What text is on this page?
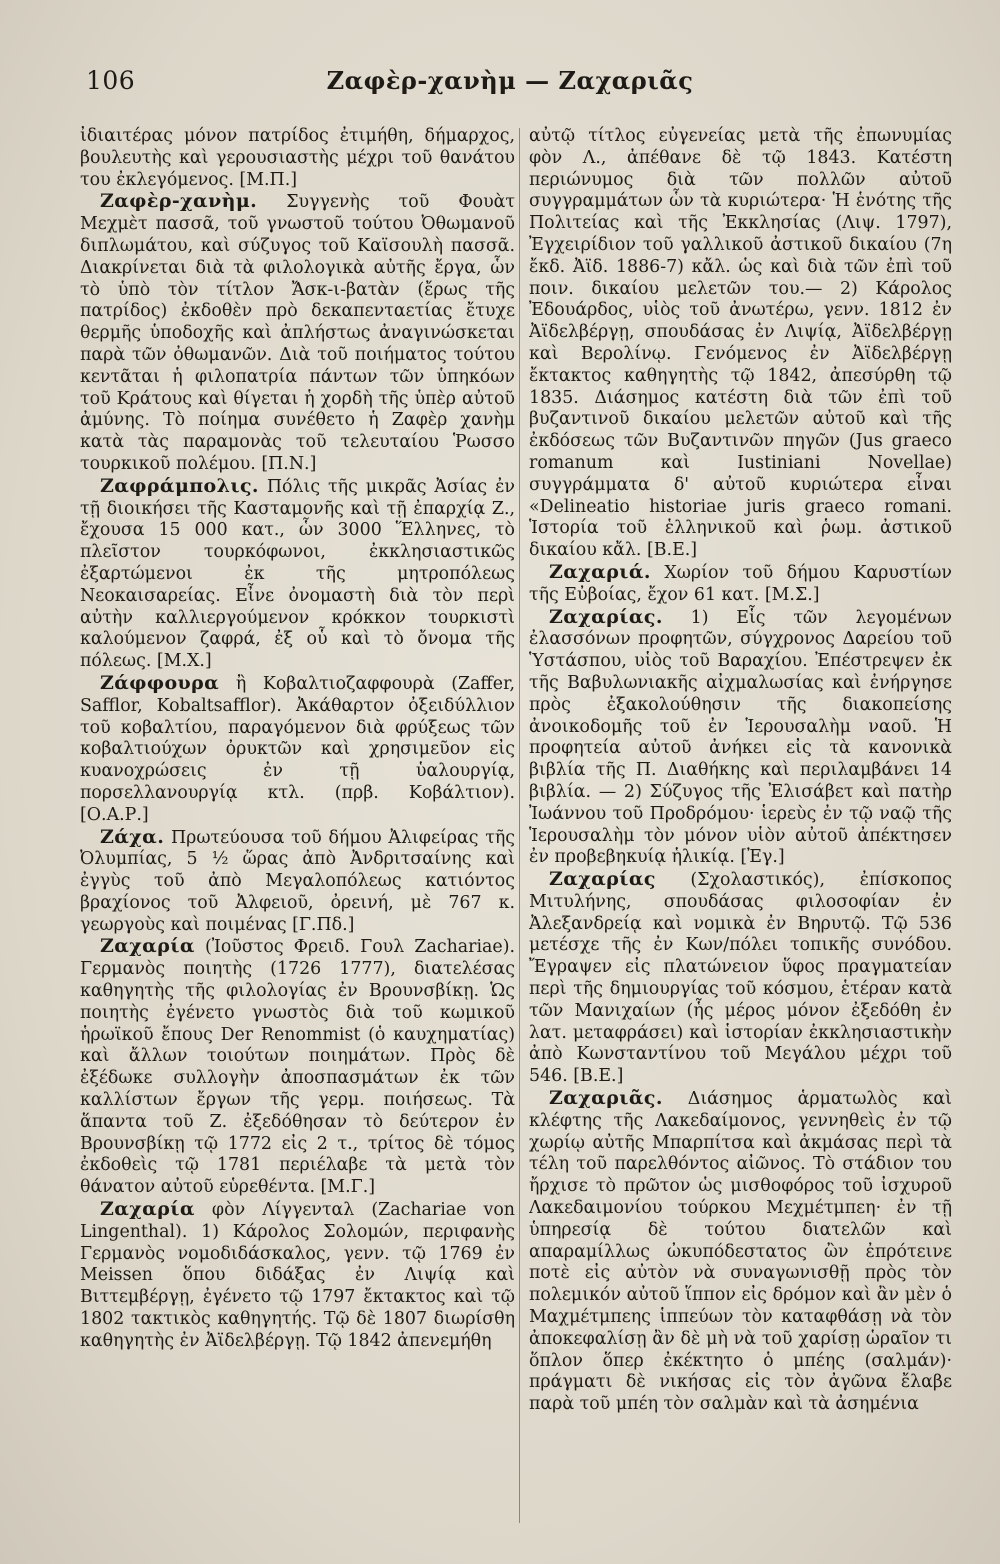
106	Ζαφὲρ-χανὴμ — Ζαχαριᾶς

ἰδιαιτέρας μόνον πατρίδος ἐτιμήθη, δήμαρχος, βουλευτὴς καὶ γερουσιαστὴς μέχρι τοῦ θανάτου του ἐκλεγόμενος. [Μ.Π.]

Ζαφὲρ-χανὴμ. Συγγενὴς τοῦ Φουὰτ Μεχμὲτ πασσᾶ, τοῦ γνωστοῦ τούτου Ὀθωμανοῦ διπλωμάτου, καὶ σύζυγος τοῦ Καϊσουλὴ πασσᾶ. Διακρίνεται διὰ τὰ φιλολογικὰ αὐτῆς ἔργα, ὧν τὸ ὑπὸ τὸν τίτλον Ἄσκ-ι-βατὰν (ἔρως τῆς πατρίδος) ἐκδοθὲν πρὸ δεκαπενταετίας ἔτυχε θερμῆς ὑποδοχῆς καὶ ἀπλήστως ἀναγινώσκεται παρὰ τῶν ὀθωμανῶν. Διὰ τοῦ ποιήματος τούτου κεντᾶται ἡ φιλοπατρία πάντων τῶν ὑπηκόων τοῦ Κράτους καὶ θίγεται ἡ χορδὴ τῆς ὑπὲρ αὐτοῦ ἀμύνης. Τὸ ποίημα συνέθετο ἡ Ζαφὲρ χανὴμ κατὰ τὰς παραμονὰς τοῦ τελευταίου Ῥωσσο τουρκικοῦ πολέμου. [Π.Ν.]

Ζαφράμπολις. Πόλις τῆς μικρᾶς Ἀσίας ἐν τῇ διοικήσει τῆς Κασταμονῆς καὶ τῇ ἐπαρχίᾳ Ζ., ἔχουσα 15 000 κατ., ὧν 3000 Ἕλληνες, τὸ πλεῖστον τουρκόφωνοι, ἐκκλησιαστικῶς ἐξαρτώμενοι ἐκ τῆς μητροπόλεως Νεοκαισαρείας. Εἶνε ὀνομαστὴ διὰ τὸν περὶ αὐτὴν καλλιεργούμενον κρόκκον τουρκιστὶ καλούμενον ζαφρά, ἐξ οὗ καὶ τὸ ὄνομα τῆς πόλεως. [Μ.Χ.]

Ζάφφουρα ἢ Κοβαλτιοζαφφουρὰ (Zaffer, Safflor, Kobaltsafflor). Ἀκάθαρτον ὀξειδύλλιον τοῦ κοβαλτίου, παραγόμενον διὰ φρύξεως τῶν κοβαλτιούχων ὀρυκτῶν καὶ χρησιμεῦον εἰς κυανοχρώσεις ἐν τῇ ὑαλουργίᾳ, πορσελλανουργίᾳ κτλ. (πρβ. Κοβάλτιον). [Ο.Α.Ρ.]

Ζάχα. Πρωτεύουσα τοῦ δήμου Ἀλιφείρας τῆς Ὀλυμπίας, 5 ½ ὥρας ἀπὸ Ἀνδριτσαίνης καὶ ἐγγὺς τοῦ ἀπὸ Μεγαλοπόλεως κατιόντος βραχίονος τοῦ Ἀλφειοῦ, ὀρεινή, μὲ 767 κ. γεωργοὺς καὶ ποιμένας [Γ.Πδ.]

Ζαχαρία (Ἰοῦστος Φρειδ. Γουλ Zachariae). Γερμανὸς ποιητὴς (1726 1777), διατελέσας καθηγητὴς τῆς φιλολογίας ἐν Βρουνσβίκῃ. Ὡς ποιητὴς ἐγένετο γνωστὸς διὰ τοῦ κωμικοῦ ἡρωϊκοῦ ἔπους Der Renommist (ὁ καυχηματίας) καὶ ἄλλων τοιούτων ποιημάτων. Πρὸς δὲ ἐξέδωκε συλλογὴν ἀποσπασμάτων ἐκ τῶν καλλίστων ἔργων τῆς γερμ. ποιήσεως. Τὰ ἅπαντα τοῦ Ζ. ἐξεδόθησαν τὸ δεύτερον ἐν Βρουνσβίκῃ τῷ 1772 εἰς 2 τ., τρίτος δὲ τόμος ἐκδοθεὶς τῷ 1781 περιέλαβε τὰ μετὰ τὸν θάνατον αὐτοῦ εὑρεθέντα. [Μ.Γ.]

Ζαχαρία φὸν Λίγγενταλ (Zachariae von Lingenthal). 1) Κάρολος Σολομών, περιφανὴς Γερμανὸς νομοδιδάσκαλος, γενν. τῷ 1769 ἐν Meissen ὅπου διδάξας ἐν Λιψίᾳ καὶ Βιττεμβέργῃ, ἐγένετο τῷ 1797 ἔκτακτος καὶ τῷ 1802 τακτικὸς καθηγητής. Τῷ δὲ 1807 διωρίσθη καθηγητὴς ἐν Ἀϊδελβέργῃ. Τῷ 1842 ἀπενεμήθη

αὐτῷ τίτλος εὐγενείας μετὰ τῆς ἐπωνυμίας φὸν Λ., ἀπέθανε δὲ τῷ 1843. Κατέστη περιώνυμος διὰ τῶν πολλῶν αὐτοῦ συγγραμμάτων ὧν τὰ κυριώτερα· Ἡ ἑνότης τῆς Πολιτείας καὶ τῆς Ἐκκλησίας (Λιψ. 1797), Ἐγχειρίδιον τοῦ γαλλικοῦ ἀστικοῦ δικαίου (7η ἔκδ. Ἀϊδ. 1886-7) κἄλ. ὡς καὶ διὰ τῶν ἐπὶ τοῦ ποιν. δικαίου μελετῶν του.— 2) Κάρολος Ἐδουάρδος, υἱὸς τοῦ ἀνωτέρω, γενν. 1812 ἐν Ἀϊδελβέργῃ, σπουδάσας ἐν Λιψίᾳ, Ἀϊδελβέργῃ καὶ Βερολίνῳ. Γενόμενος ἐν Ἀϊδελβέργῃ ἔκτακτος καθηγητὴς τῷ 1842, ἀπεσύρθη τῷ 1835. Διάσημος κατέστη διὰ τῶν ἐπὶ τοῦ βυζαντινοῦ δικαίου μελετῶν αὐτοῦ καὶ τῆς ἐκδόσεως τῶν Βυζαντινῶν πηγῶν (Jus graeco romanum καὶ Iustiniani Novellae) συγγράμματα δ' αὐτοῦ κυριώτερα εἶναι «Delineatio historiae juris graeco romani. Ἱστορία τοῦ ἑλληνικοῦ καὶ ῥωμ. ἀστικοῦ δικαίου κἄλ. [Β.Ε.]

Ζαχαριά. Χωρίον τοῦ δήμου Καρυστίων τῆς Εὐβοίας, ἔχον 61 κατ. [Μ.Σ.]

Ζαχαρίας. 1) Εἷς τῶν λεγομένων ἐλασσόνων προφητῶν, σύγχρονος Δαρείου τοῦ Ὑστάσπου, υἱὸς τοῦ Βαραχίου. Ἐπέστρεψεν ἐκ τῆς Βαβυλωνιακῆς αἰχμαλωσίας καὶ ἐνήργησε πρὸς ἐξακολούθησιν τῆς διακοπείσης ἀνοικοδομῆς τοῦ ἐν Ἱερουσαλὴμ ναοῦ. Ἡ προφητεία αὐτοῦ ἀνήκει εἰς τὰ κανονικὰ βιβλία τῆς Π. Διαθήκης καὶ περιλαμβάνει 14 βιβλία. — 2) Σύζυγος τῆς Ἐλισάβετ καὶ πατὴρ Ἰωάννου τοῦ Προδρόμου· ἱερεὺς ἐν τῷ ναῷ τῆς Ἱερουσαλὴμ τὸν μόνον υἱὸν αὐτοῦ ἀπέκτησεν ἐν προβεβηκυίᾳ ἡλικίᾳ. [Ἐγ.]

Ζαχαρίας (Σχολαστικός), ἐπίσκοπος Μιτυλήνης, σπουδάσας φιλοσοφίαν ἐν Ἀλεξανδρείᾳ καὶ νομικὰ ἐν Βηρυτῷ. Τῷ 536 μετέσχε τῆς ἐν Κων/πόλει τοπικῆς συνόδου. Ἔγραψεν εἰς πλατώνειον ὕφος πραγματείαν περὶ τῆς δημιουργίας τοῦ κόσμου, ἑτέραν κατὰ τῶν Μανιχαίων (ἧς μέρος μόνον ἐξεδόθη ἐν λατ. μεταφράσει) καὶ ἱστορίαν ἐκκλησιαστικὴν ἀπὸ Κωνσταντίνου τοῦ Μεγάλου μέχρι τοῦ 546. [Β.Ε.]

Ζαχαριᾶς. Διάσημος ἁρματωλὸς καὶ κλέφτης τῆς Λακεδαίμονος, γεννηθεὶς ἐν τῷ χωρίῳ αὐτῆς Μπαρπίτσα καὶ ἀκμάσας περὶ τὰ τέλη τοῦ παρελθόντος αἰῶνος. Τὸ στάδιον του ἤρχισε τὸ πρῶτον ὡς μισθοφόρος τοῦ ἰσχυροῦ Λακεδαιμονίου τούρκου Μεχμέτμπεη· ἐν τῇ ὑπηρεσίᾳ δὲ τούτου διατελῶν καὶ απαραμίλλως ὠκυπόδεστατος ὢν ἐπρότεινε ποτὲ εἰς αὐτὸν νὰ συναγωνισθῇ πρὸς τὸν πολεμικόν αὐτοῦ ἵππον εἰς δρόμον καὶ ἂν μὲν ὁ Μαχμέτμπεης ἱππεύων τὸν καταφθάσῃ νὰ τὸν ἀποκεφαλίσῃ ἂν δὲ μὴ νὰ τοῦ χαρίσῃ ὡραῖον τι ὅπλον ὅπερ ἐκέκτητο ὁ μπέης (σαλμάν)· πράγματι δὲ νικήσας εἰς τὸν ἀγῶνα ἔλαβε παρὰ τοῦ μπέη τὸν σαλμὰν καὶ τὰ ἀσημένια
